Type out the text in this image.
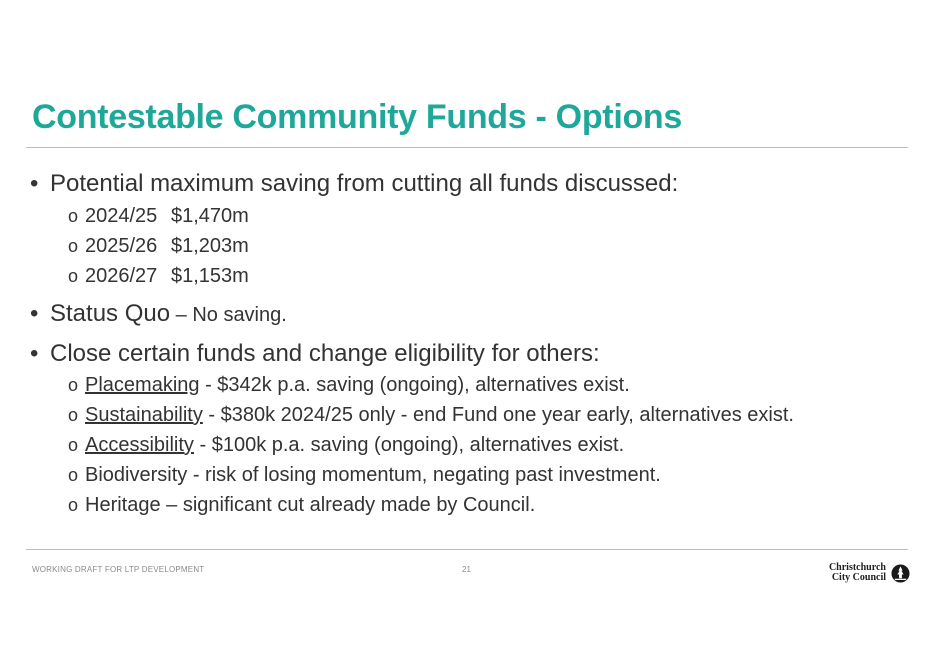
Contestable Community Funds - Options
• Potential maximum saving from cutting all funds discussed:
o 2024/25 $1,470m
o 2025/26 $1,203m
o 2026/27 $1,153m
• Status Quo – No saving.
• Close certain funds and change eligibility for others:
o Placemaking - $342k p.a. saving (ongoing), alternatives exist.
o Sustainability - $380k 2024/25 only - end Fund one year early, alternatives exist.
o Accessibility - $100k p.a. saving (ongoing), alternatives exist.
o Biodiversity - risk of losing momentum, negating past investment.
o Heritage – significant cut already made by Council.
WORKING DRAFT FOR LTP DEVELOPMENT	21	Christchurch
City Council
